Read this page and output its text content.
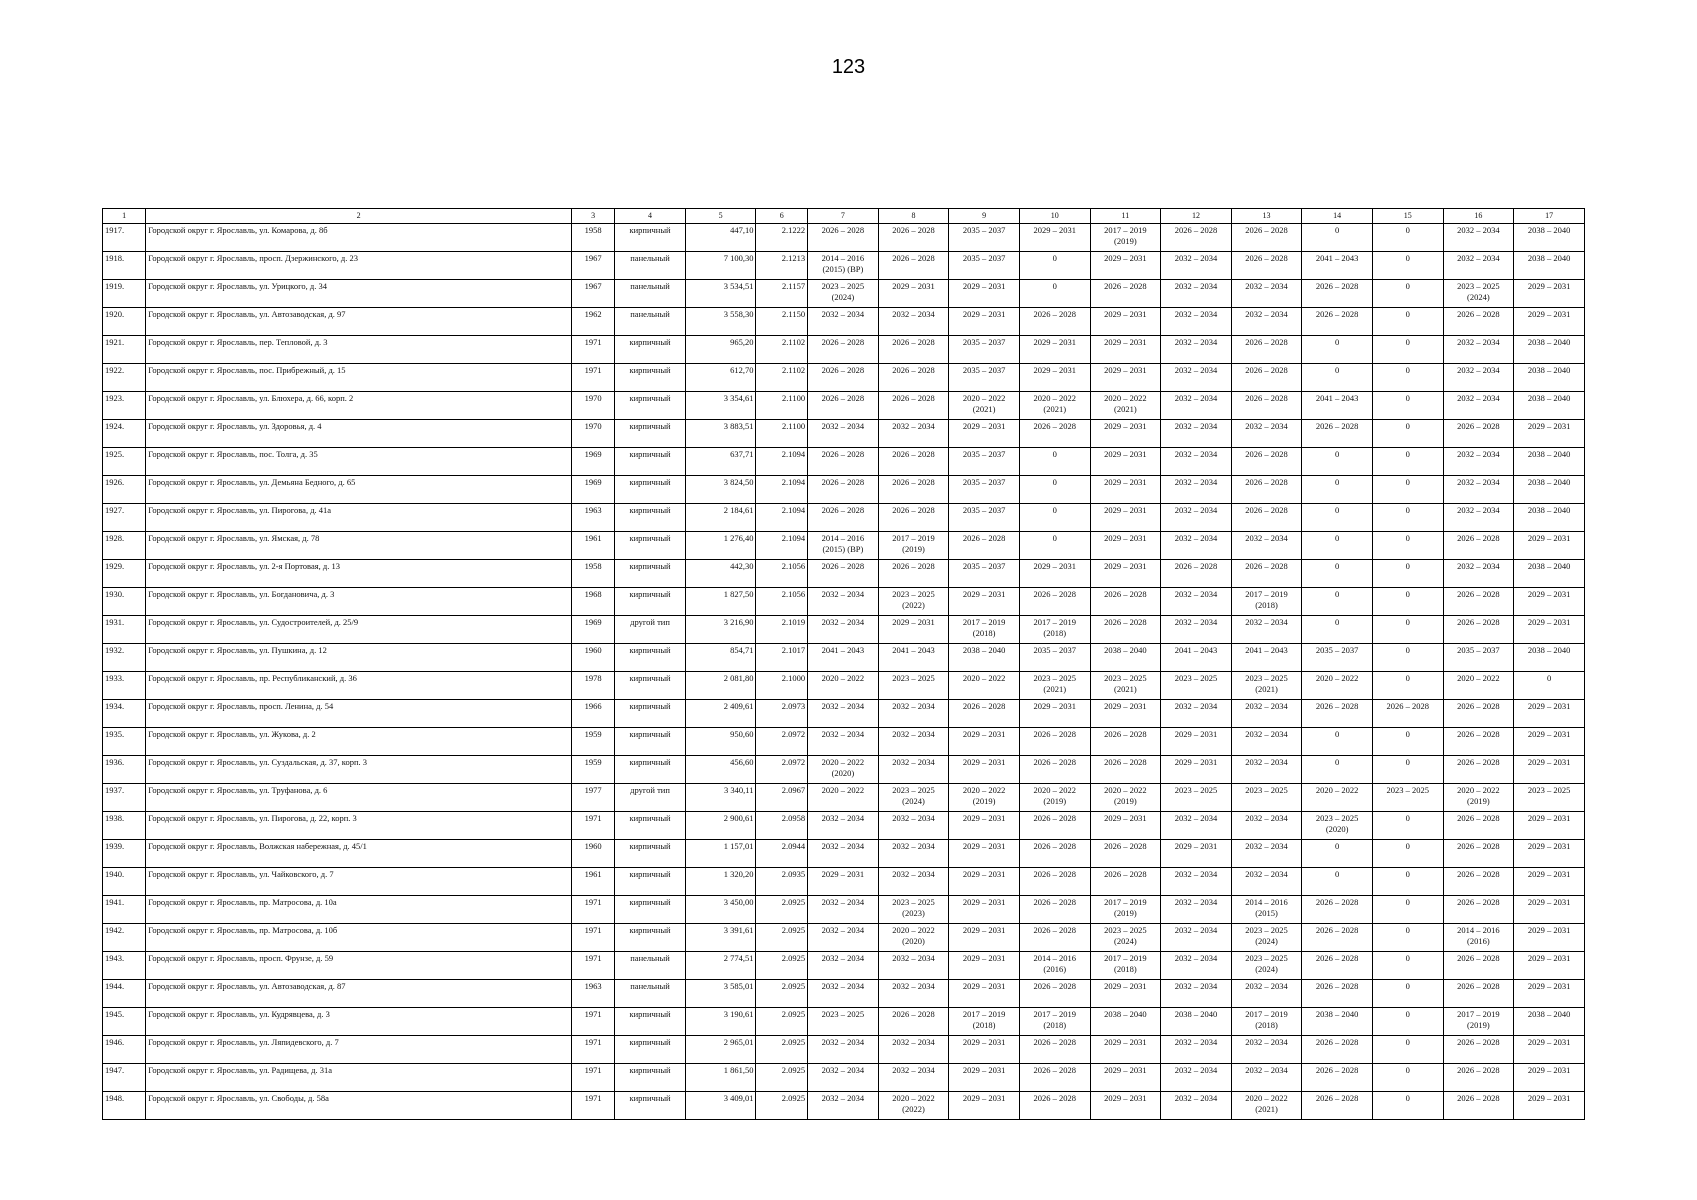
123
1	2	3	4	5	6	7	8	9	10	11	12	13	14	15	16	17
1917.	Городской округ г. Ярославль, ул. Комарова, д. 8б	1958	кирпичный	447,10	2.1222	2026 – 2028	2026 – 2028	2035 – 2037	2029 – 2031	2017 – 2019 (2019)	2026 – 2028	2026 – 2028	0	0	2032 – 2034	2038 – 2040
1918.	Городской округ г. Ярославль, просп. Дзержинского, д. 23	1967	панельный	7 100,30	2.1213	2014 – 2016 (2015) (ВР)	2026 – 2028	2035 – 2037	0	2029 – 2031	2032 – 2034	2026 – 2028	2041 – 2043	0	2032 – 2034	2038 – 2040
1919.	Городской округ г. Ярославль, ул. Урицкого, д. 34	1967	панельный	3 534,51	2.1157	2023 – 2025 (2024)	2029 – 2031	2029 – 2031	0	2026 – 2028	2032 – 2034	2032 – 2034	2026 – 2028	0	2023 – 2025 (2024)	2029 – 2031
1920.	Городской округ г. Ярославль, ул. Автозаводская, д. 97	1962	панельный	3 558,30	2.1150	2032 – 2034	2032 – 2034	2029 – 2031	2026 – 2028	2029 – 2031	2032 – 2034	2032 – 2034	2026 – 2028	0	2026 – 2028	2029 – 2031
1921.	Городской округ г. Ярославль, пер. Тепловой, д. 3	1971	кирпичный	965,20	2.1102	2026 – 2028	2026 – 2028	2035 – 2037	2029 – 2031	2029 – 2031	2032 – 2034	2026 – 2028	0	0	2032 – 2034	2038 – 2040
1922.	Городской округ г. Ярославль, пос. Прибрежный, д. 15	1971	кирпичный	612,70	2.1102	2026 – 2028	2026 – 2028	2035 – 2037	2029 – 2031	2029 – 2031	2032 – 2034	2026 – 2028	0	0	2032 – 2034	2038 – 2040
1923.	Городской округ г. Ярославль, ул. Блюхера, д. 66, корп. 2	1970	кирпичный	3 354,61	2.1100	2026 – 2028	2026 – 2028	2020 – 2022 (2021)	2020 – 2022 (2021)	2020 – 2022 (2021)	2032 – 2034	2026 – 2028	2041 – 2043	0	2032 – 2034	2038 – 2040
1924.	Городской округ г. Ярославль, ул. Здоровья, д. 4	1970	кирпичный	3 883,51	2.1100	2032 – 2034	2032 – 2034	2029 – 2031	2026 – 2028	2029 – 2031	2032 – 2034	2032 – 2034	2026 – 2028	0	2026 – 2028	2029 – 2031
1925.	Городской округ г. Ярославль, пос. Толга, д. 35	1969	кирпичный	637,71	2.1094	2026 – 2028	2026 – 2028	2035 – 2037	0	2029 – 2031	2032 – 2034	2026 – 2028	0	0	2032 – 2034	2038 – 2040
1926.	Городской округ г. Ярославль, ул. Демьяна Бедного, д. 65	1969	кирпичный	3 824,50	2.1094	2026 – 2028	2026 – 2028	2035 – 2037	0	2029 – 2031	2032 – 2034	2026 – 2028	0	0	2032 – 2034	2038 – 2040
1927.	Городской округ г. Ярославль, ул. Пирогова, д. 41а	1963	кирпичный	2 184,61	2.1094	2026 – 2028	2026 – 2028	2035 – 2037	0	2029 – 2031	2032 – 2034	2026 – 2028	0	0	2032 – 2034	2038 – 2040
1928.	Городской округ г. Ярославль, ул. Ямская, д. 78	1961	кирпичный	1 276,40	2.1094	2014 – 2016 (2015) (ВР)	2017 – 2019 (2019)	2026 – 2028	0	2029 – 2031	2032 – 2034	2032 – 2034	0	0	2026 – 2028	2029 – 2031
1929.	Городской округ г. Ярославль, ул. 2-я Портовая, д. 13	1958	кирпичный	442,30	2.1056	2026 – 2028	2026 – 2028	2035 – 2037	2029 – 2031	2029 – 2031	2026 – 2028	2026 – 2028	0	0	2032 – 2034	2038 – 2040
1930.	Городской округ г. Ярославль, ул. Богдановича, д. 3	1968	кирпичный	1 827,50	2.1056	2032 – 2034	2023 – 2025 (2022)	2029 – 2031	2026 – 2028	2026 – 2028	2032 – 2034	2017 – 2019 (2018)	0	0	2026 – 2028	2029 – 2031
1931.	Городской округ г. Ярославль, ул. Судостроителей, д. 25/9	1969	другой тип	3 216,90	2.1019	2032 – 2034	2029 – 2031	2017 – 2019 (2018)	2017 – 2019 (2018)	2026 – 2028	2032 – 2034	2032 – 2034	0	0	2026 – 2028	2029 – 2031
1932.	Городской округ г. Ярославль, ул. Пушкина, д. 12	1960	кирпичный	854,71	2.1017	2041 – 2043	2041 – 2043	2038 – 2040	2035 – 2037	2038 – 2040	2041 – 2043	2041 – 2043	2035 – 2037	0	2035 – 2037	2038 – 2040
1933.	Городской округ г. Ярославль, пр. Республиканский, д. 36	1978	кирпичный	2 081,80	2.1000	2020 – 2022	2023 – 2025	2020 – 2022	2023 – 2025 (2021)	2023 – 2025 (2021)	2023 – 2025	2023 – 2025 (2021)	2020 – 2022	0	2020 – 2022	0
1934.	Городской округ г. Ярославль, просп. Ленина, д. 54	1966	кирпичный	2 409,61	2.0973	2032 – 2034	2032 – 2034	2026 – 2028	2029 – 2031	2029 – 2031	2032 – 2034	2032 – 2034	2026 – 2028	2026 – 2028	2026 – 2028	2029 – 2031
1935.	Городской округ г. Ярославль, ул. Жукова, д. 2	1959	кирпичный	950,60	2.0972	2032 – 2034	2032 – 2034	2029 – 2031	2026 – 2028	2026 – 2028	2029 – 2031	2032 – 2034	0	0	2026 – 2028	2029 – 2031
1936.	Городской округ г. Ярославль, ул. Суздальская, д. 37, корп. 3	1959	кирпичный	456,60	2.0972	2020 – 2022 (2020)	2032 – 2034	2029 – 2031	2026 – 2028	2026 – 2028	2029 – 2031	2032 – 2034	0	0	2026 – 2028	2029 – 2031
1937.	Городской округ г. Ярославль, ул. Труфанова, д. 6	1977	другой тип	3 340,11	2.0967	2020 – 2022	2023 – 2025 (2024)	2020 – 2022 (2019)	2020 – 2022 (2019)	2020 – 2022 (2019)	2023 – 2025	2023 – 2025	2020 – 2022	2023 – 2025	2020 – 2022 (2019)	2023 – 2025
1938.	Городской округ г. Ярославль, ул. Пирогова, д. 22, корп. 3	1971	кирпичный	2 900,61	2.0958	2032 – 2034	2032 – 2034	2029 – 2031	2026 – 2028	2029 – 2031	2032 – 2034	2032 – 2034	2023 – 2025 (2020)	0	2026 – 2028	2029 – 2031
1939.	Городской округ г. Ярославль, Волжская набережная, д. 45/1	1960	кирпичный	1 157,01	2.0944	2032 – 2034	2032 – 2034	2029 – 2031	2026 – 2028	2026 – 2028	2029 – 2031	2032 – 2034	0	0	2026 – 2028	2029 – 2031
1940.	Городской округ г. Ярославль, ул. Чайковского, д. 7	1961	кирпичный	1 320,20	2.0935	2029 – 2031	2032 – 2034	2029 – 2031	2026 – 2028	2026 – 2028	2032 – 2034	2032 – 2034	0	0	2026 – 2028	2029 – 2031
1941.	Городской округ г. Ярославль, пр. Матросова, д. 10а	1971	кирпичный	3 450,00	2.0925	2032 – 2034	2023 – 2025 (2023)	2029 – 2031	2026 – 2028	2017 – 2019 (2019)	2032 – 2034	2014 – 2016 (2015)	2026 – 2028	0	2026 – 2028	2029 – 2031
1942.	Городской округ г. Ярославль, пр. Матросова, д. 10б	1971	кирпичный	3 391,61	2.0925	2032 – 2034	2020 – 2022 (2020)	2029 – 2031	2026 – 2028	2023 – 2025 (2024)	2032 – 2034	2023 – 2025 (2024)	2026 – 2028	0	2014 – 2016 (2016)	2029 – 2031
1943.	Городской округ г. Ярославль, просп. Фрунзе, д. 59	1971	панельный	2 774,51	2.0925	2032 – 2034	2032 – 2034	2029 – 2031	2014 – 2016 (2016)	2017 – 2019 (2018)	2032 – 2034	2023 – 2025 (2024)	2026 – 2028	0	2026 – 2028	2029 – 2031
1944.	Городской округ г. Ярославль, ул. Автозаводская, д. 87	1963	панельный	3 585,01	2.0925	2032 – 2034	2032 – 2034	2029 – 2031	2026 – 2028	2029 – 2031	2032 – 2034	2032 – 2034	2026 – 2028	0	2026 – 2028	2029 – 2031
1945.	Городской округ г. Ярославль, ул. Кудрявцева, д. 3	1971	кирпичный	3 190,61	2.0925	2023 – 2025	2026 – 2028	2017 – 2019 (2018)	2017 – 2019 (2018)	2038 – 2040	2038 – 2040	2017 – 2019 (2018)	2038 – 2040	0	2017 – 2019 (2019)	2038 – 2040
1946.	Городской округ г. Ярославль, ул. Ляпидевского, д. 7	1971	кирпичный	2 965,01	2.0925	2032 – 2034	2032 – 2034	2029 – 2031	2026 – 2028	2029 – 2031	2032 – 2034	2032 – 2034	2026 – 2028	0	2026 – 2028	2029 – 2031
1947.	Городской округ г. Ярославль, ул. Радищева, д. 31а	1971	кирпичный	1 861,50	2.0925	2032 – 2034	2032 – 2034	2029 – 2031	2026 – 2028	2029 – 2031	2032 – 2034	2032 – 2034	2026 – 2028	0	2026 – 2028	2029 – 2031
1948.	Городской округ г. Ярославль, ул. Свободы, д. 58а	1971	кирпичный	3 409,01	2.0925	2032 – 2034	2020 – 2022 (2022)	2029 – 2031	2026 – 2028	2029 – 2031	2032 – 2034	2020 – 2022 (2021)	2026 – 2028	0	2026 – 2028	2029 – 2031
